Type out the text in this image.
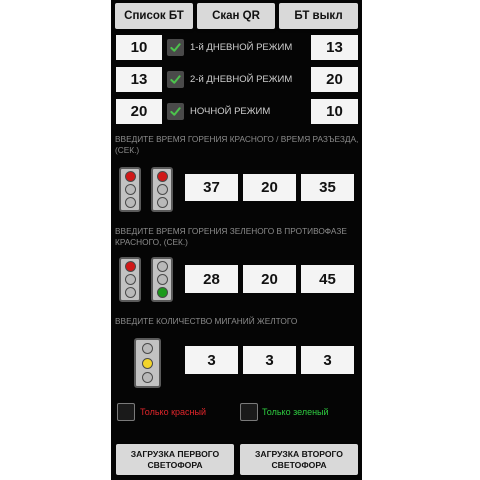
Список БТ	Скан QR	БТ выкл
10	1-й ДНЕВНОЙ РЕЖИМ	13
13	2-й ДНЕВНОЙ РЕЖИМ	20
20	НОЧНОЙ РЕЖИМ	10
ВВЕДИТЕ ВРЕМЯ ГОРЕНИЯ КРАСНОГО / ВРЕМЯ РАЗЪЕЗДА, (СЕК.)
37	20	35
ВВЕДИТЕ ВРЕМЯ ГОРЕНИЯ ЗЕЛЕНОГО В ПРОТИВОФАЗЕ КРАСНОГО, (СЕК.)
28	20	45
ВВЕДИТЕ КОЛИЧЕСТВО МИГАНИЙ ЖЕЛТОГО
3	3	3
Только красный	Только зеленый
ЗАГРУЗКА ПЕРВОГО
СВЕТОФОРА
ЗАГРУЗКА ВТОРОГО
СВЕТОФОРА
